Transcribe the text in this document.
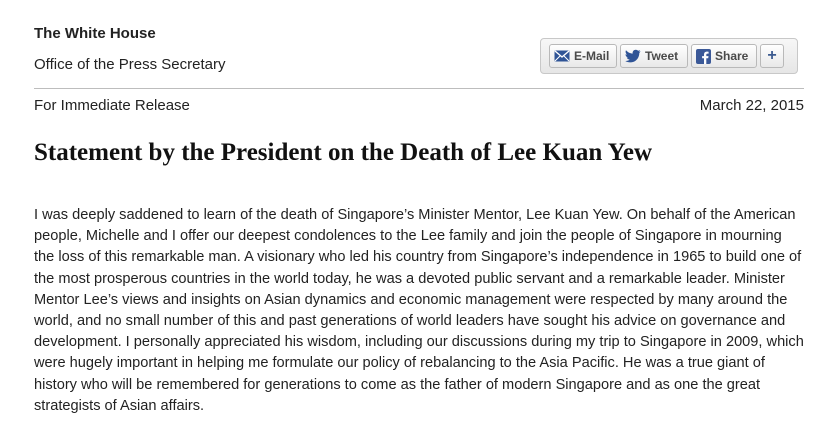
The White House
Office of the Press Secretary	E-Mail	Tweet	Share +
For Immediate Release	March 22, 2015
Statement by the President on the Death of Lee Kuan Yew

I was deeply saddened to learn of the death of Singapore’s Minister Mentor, Lee Kuan Yew. On behalf of the American people, Michelle and I offer our deepest condolences to the Lee family and join the people of Singapore in mourning the loss of this remarkable man. A visionary who led his country from Singapore’s independence in 1965 to build one of the most prosperous countries in the world today, he was a devoted public servant and a remarkable leader. Minister Mentor Lee’s views and insights on Asian dynamics and economic management were respected by many around the world, and no small number of this and past generations of world leaders have sought his advice on governance and development. I personally appreciated his wisdom, including our discussions during my trip to Singapore in 2009, which were hugely important in helping me formulate our policy of rebalancing to the Asia Pacific. He was a true giant of history who will be remembered for generations to come as the father of modern Singapore and as one the great strategists of Asian affairs.
